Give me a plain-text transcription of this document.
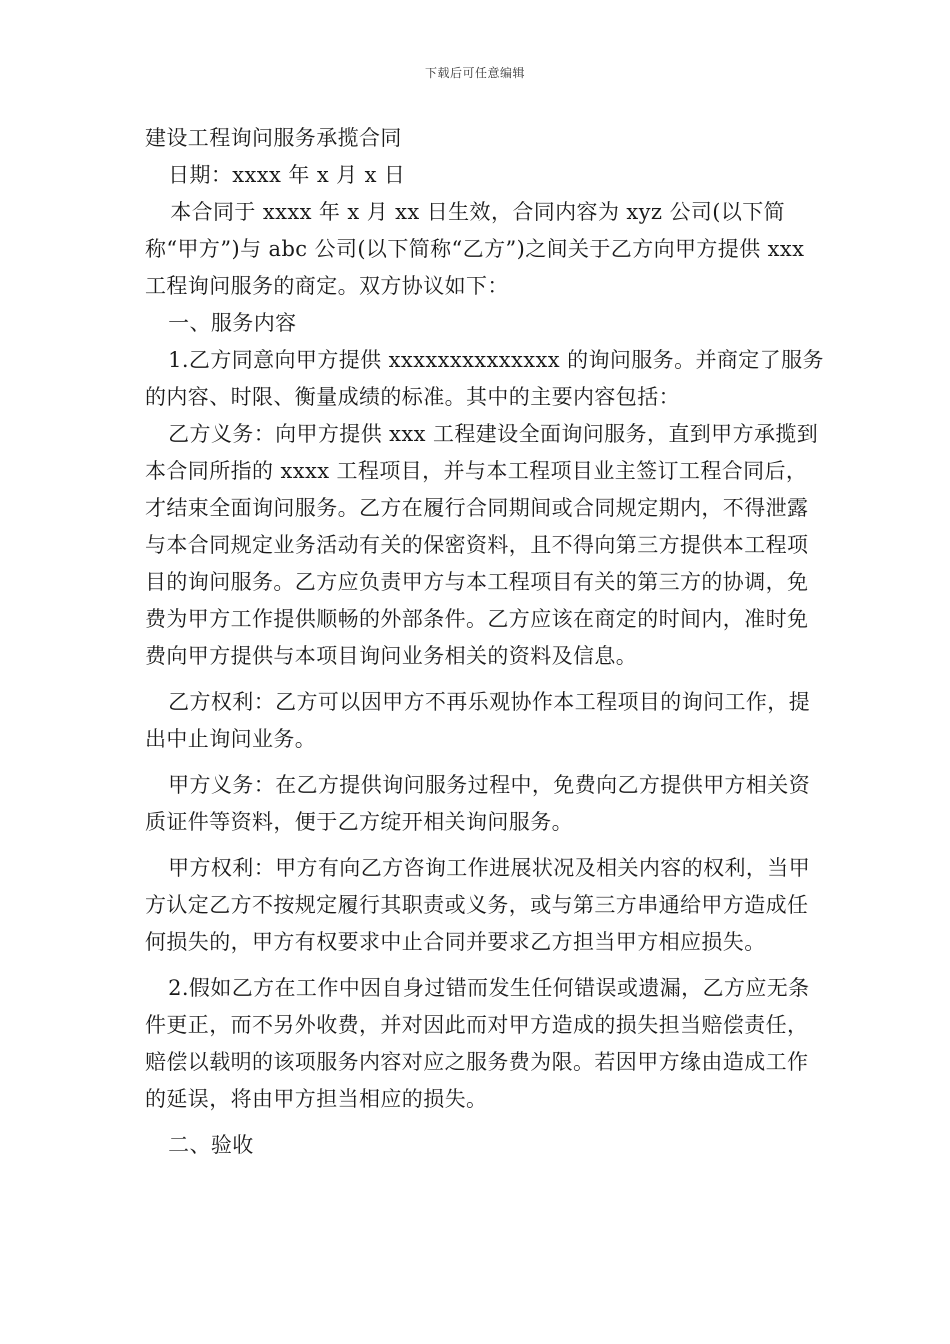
下载后可任意编辑

建设工程询问服务承揽合同

日期：xxxx 年 x 月 x 日

本合同于 xxxx 年 x 月 xx 日生效，合同内容为 xyz 公司(以下简称“甲方”)与 abc 公司(以下简称“乙方”)之间关于乙方向甲方提供 xxx 工程询问服务的商定。双方协议如下：

一、服务内容

1.乙方同意向甲方提供 xxxxxxxxxxxxxx 的询问服务。并商定了服务的内容、时限、衡量成绩的标准。其中的主要内容包括：

乙方义务：向甲方提供 xxx 工程建设全面询问服务，直到甲方承揽到本合同所指的 xxxx 工程项目，并与本工程项目业主签订工程合同后，才结束全面询问服务。乙方在履行合同期间或合同规定期内，不得泄露与本合同规定业务活动有关的保密资料，且不得向第三方提供本工程项目的询问服务。乙方应负责甲方与本工程项目有关的第三方的协调，免费为甲方工作提供顺畅的外部条件。乙方应该在商定的时间内，准时免费向甲方提供与本项目询问业务相关的资料及信息。

乙方权利：乙方可以因甲方不再乐观协作本工程项目的询问工作，提出中止询问业务。

甲方义务：在乙方提供询问服务过程中，免费向乙方提供甲方相关资质证件等资料，便于乙方绽开相关询问服务。

甲方权利：甲方有向乙方咨询工作进展状况及相关内容的权利，当甲方认定乙方不按规定履行其职责或义务，或与第三方串通给甲方造成任何损失的，甲方有权要求中止合同并要求乙方担当甲方相应损失。

2.假如乙方在工作中因自身过错而发生任何错误或遗漏，乙方应无条件更正，而不另外收费，并对因此而对甲方造成的损失担当赔偿责任，赔偿以载明的该项服务内容对应之服务费为限。若因甲方缘由造成工作的延误，将由甲方担当相应的损失。

二、验收
